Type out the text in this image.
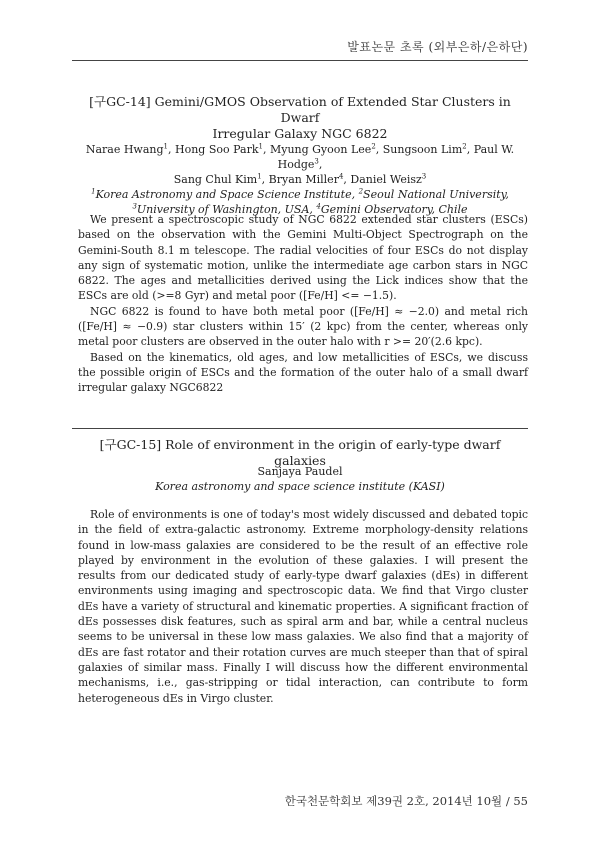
발표논문 초록 (외부은하/은하단)
[구GC-14] Gemini/GMOS Observation of Extended Star Clusters in Dwarf
Irregular Galaxy NGC 6822
Narae Hwang$^1$, Hong Soo Park$^1$, Myung Gyoon Lee$^2$, Sungsoon Lim$^2$, Paul W. Hodge$^3$,
Sang Chul Kim$^1$, Bryan Miller$^4$, Daniel Weisz$^3$
$^1$Korea Astronomy and Space Science Institute, $^2$Seoul National University,
$^3$University of Washington, USA, $^4$Gemini Observatory, Chile

We present a spectroscopic study of NGC 6822 extended star clusters (ESCs) based on the observation with the Gemini Multi-Object Spectrograph on the Gemini-South 8.1 m telescope. The radial velocities of four ESCs do not display any sign of systematic motion, unlike the intermediate age carbon stars in NGC 6822. The ages and metallicities derived using the Lick indices show that the ESCs are old (>=8 Gyr) and metal poor ([Fe/H] <= −1.5).

NGC 6822 is found to have both metal poor ([Fe/H] ≈ −2.0) and metal rich ([Fe/H] ≈ −0.9) star clusters within 15′ (2 kpc) from the center, whereas only metal poor clusters are observed in the outer halo with r >= 20′(2.6 kpc).

Based on the kinematics, old ages, and low metallicities of ESCs, we discuss the possible origin of ESCs and the formation of the outer halo of a small dwarf irregular galaxy NGC6822

[구GC-15] Role of environment in the origin of early-type dwarf galaxies
Sanjaya Paudel
Korea astronomy and space science institute (KASI)

Role of environments is one of today's most widely discussed and debated topic in the field of extra-galactic astronomy. Extreme morphology-density relations found in low-mass galaxies are considered to be the result of an effective role played by environment in the evolution of these galaxies. I will present the results from our dedicated study of early-type dwarf galaxies (dEs) in different environments using imaging and spectroscopic data. We find that Virgo cluster dEs have a variety of structural and kinematic properties. A significant fraction of dEs possesses disk features, such as spiral arm and bar, while a central nucleus seems to be universal in these low mass galaxies. We also find that a majority of dEs are fast rotator and their rotation curves are much steeper than that of spiral galaxies of similar mass. Finally I will discuss how the different environmental mechanisms, i.e., gas-stripping or tidal interaction, can contribute to form heterogeneous dEs in Virgo cluster.

한국천문학회보 제39권 2호, 2014년 10월 / 55
